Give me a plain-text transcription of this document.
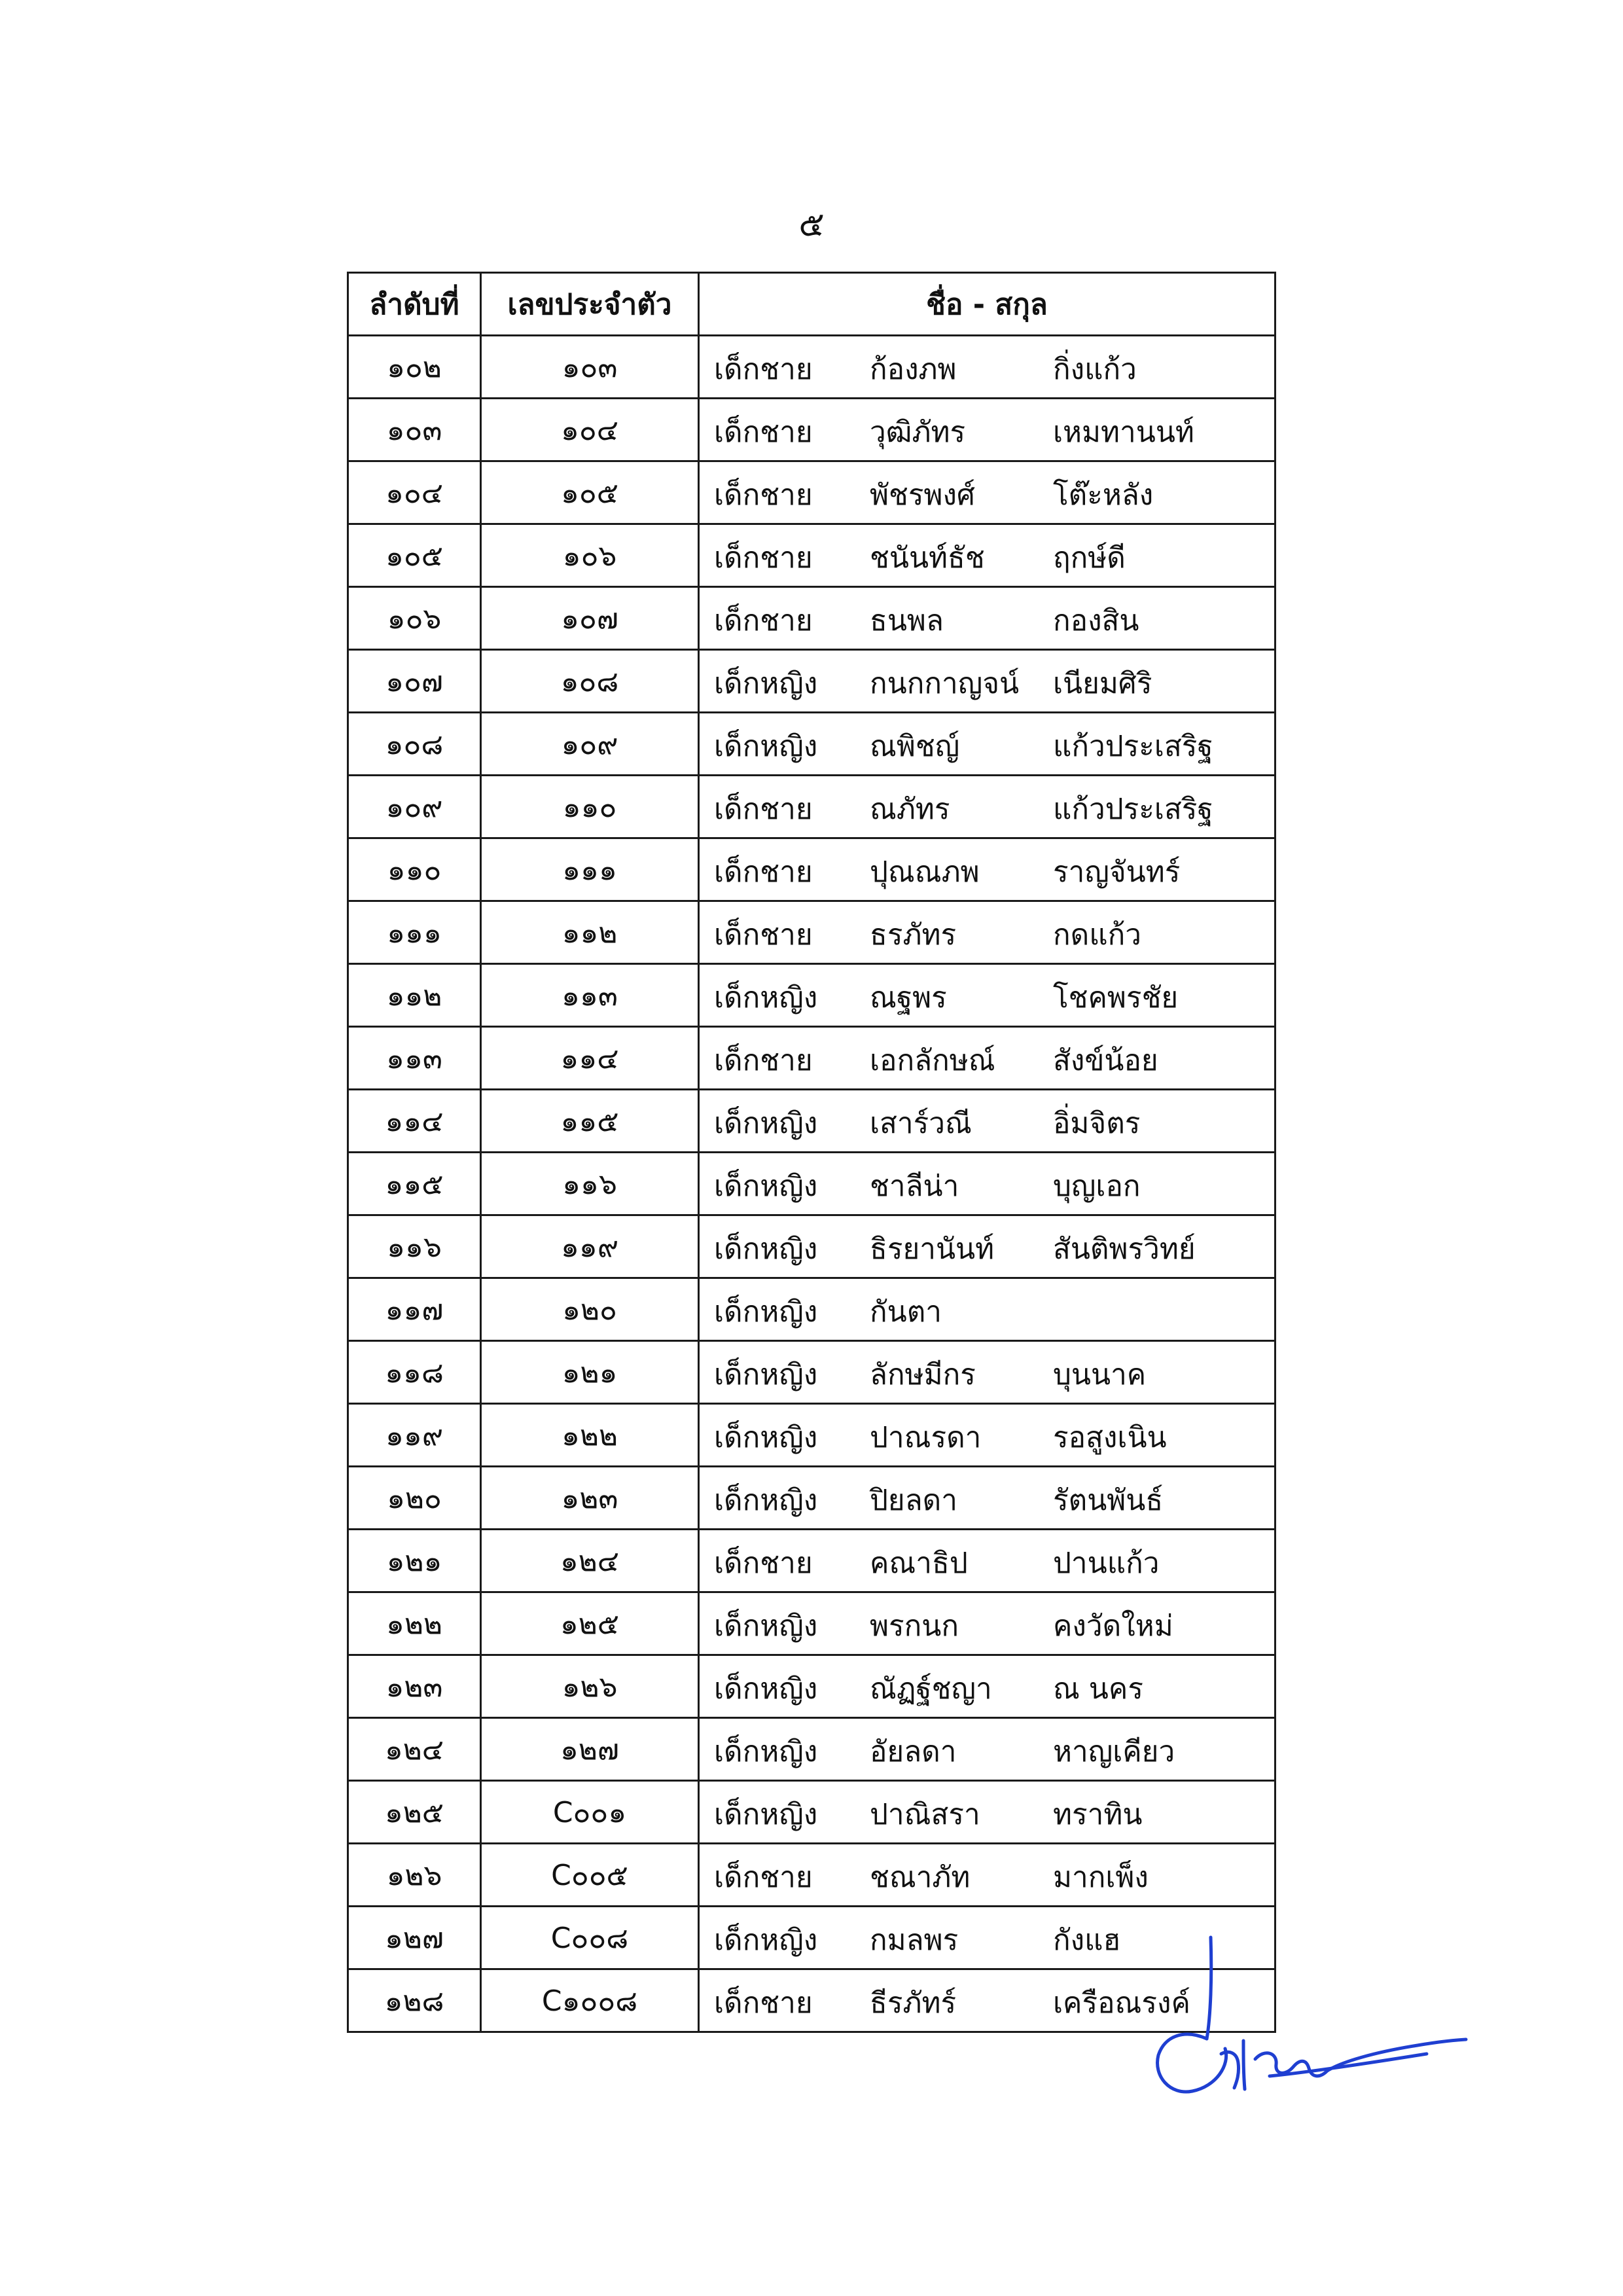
๕
ลำดับที่	เลขประจำตัว	ชื่อ - สกุล
๑๐๒	๑๐๓	เด็กชาย ก้องภพ กิ่งแก้ว

๑๐๓	๑๐๔	เด็กชาย วุฒิภัทร เหมทานนท์

๑๐๔	๑๐๕	เด็กชาย พัชรพงศ์ โต๊ะหลัง

๑๐๕	๑๐๖	เด็กชาย ชนันท์ธัช ฤกษ์ดี

๑๐๖	๑๐๗	เด็กชาย ธนพล กองสิน

๑๐๗	๑๐๘	เด็กหญิง กนกกาญจน์ เนียมศิริ

๑๐๘	๑๐๙	เด็กหญิง ณพิชญ์ แก้วประเสริฐ

๑๐๙	๑๑๐	เด็กชาย ณภัทร แก้วประเสริฐ

๑๑๐	๑๑๑	เด็กชาย ปุณณภพ ราญจันทร์

๑๑๑	๑๑๒	เด็กชาย ธรภัทร กดแก้ว

๑๑๒	๑๑๓	เด็กหญิง ณฐพร โชคพรชัย

๑๑๓	๑๑๔	เด็กชาย เอกลักษณ์ สังข์น้อย

๑๑๔	๑๑๕	เด็กหญิง เสาร์วณี อิ่มจิตร

๑๑๕	๑๑๖	เด็กหญิง ชาลีน่า บุญเอก

๑๑๖	๑๑๙	เด็กหญิง ธิรยานันท์ สันติพรวิทย์

๑๑๗	๑๒๐	เด็กหญิง กันตา

๑๑๘	๑๒๑	เด็กหญิง ลักษมีกร บุนนาค

๑๑๙	๑๒๒	เด็กหญิง ปาณรดา รอสูงเนิน

๑๒๐	๑๒๓	เด็กหญิง ปิยลดา รัตนพันธ์

๑๒๑	๑๒๔	เด็กชาย คณาธิป ปานแก้ว

๑๒๒	๑๒๕	เด็กหญิง พรกนก คงวัดใหม่

๑๒๓	๑๒๖	เด็กหญิง ณัฏฐ์ชญา ณ นคร

๑๒๔	๑๒๗	เด็กหญิง อัยลดา หาญเคียว

๑๒๕	C๐๐๑	เด็กหญิง ปาณิสรา ทราทิน

๑๒๖	C๐๐๕	เด็กชาย ชณาภัท มากเพ็ง

๑๒๗	C๐๐๘	เด็กหญิง กมลพร กังแฮ

๑๒๘	C๑๐๐๘	เด็กชาย ธีรภัทร์ เครือณรงค์
